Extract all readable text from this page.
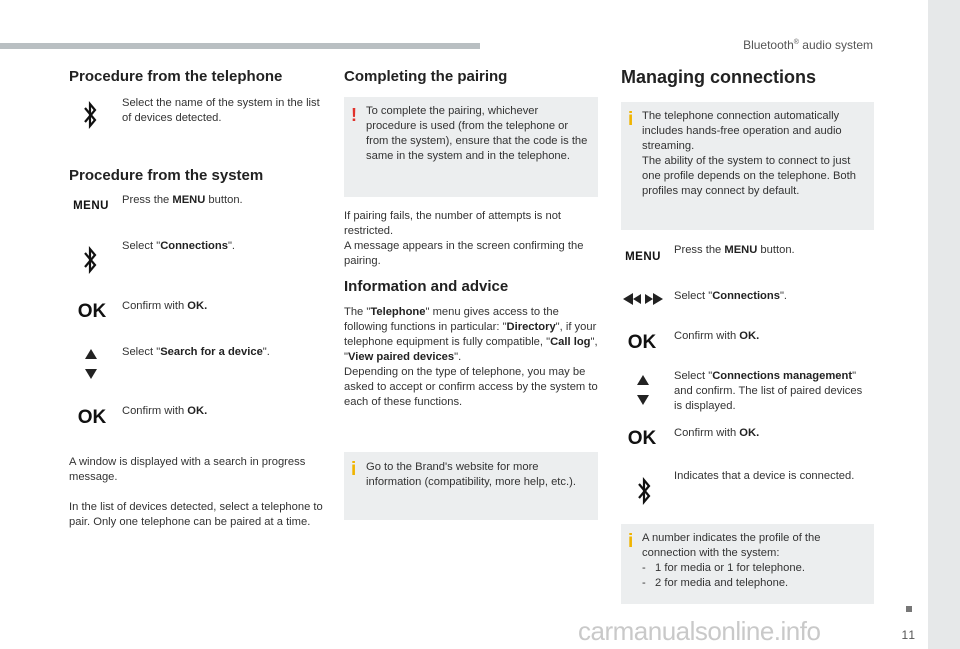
Bluetooth® audio system
11
carmanualsonline.info
Procedure from the telephone
Select the name of the system in the list of devices detected.
Procedure from the system
MENU	Press the MENU button.
Select "Connections".
OK Confirm with OK.
Select "Search for a device".
OK Confirm with OK.
A window is displayed with a search in progress message.
In the list of devices detected, select a telephone to pair. Only one telephone can be paired at a time.
Completing the pairing
! To complete the pairing, whichever procedure is used (from the telephone or from the system), ensure that the code is the same in the system and in the telephone.
If pairing fails, the number of attempts is not restricted.
A message appears in the screen confirming the pairing.
Information and advice
The "Telephone" menu gives access to the following functions in particular: "Directory", if your telephone equipment is fully compatible, "Call log", "View paired devices".
Depending on the type of telephone, you may be asked to accept or confirm access by the system to each of these functions.
i Go to the Brand's website for more information (compatibility, more help, etc.).
Managing connections
i The telephone connection automatically includes hands-free operation and audio streaming.
The ability of the system to connect to just one profile depends on the telephone. Both profiles may connect by default.
MENU
Press the MENU button.
Select "Connections".
OK Confirm with OK.
Select "Connections management" and confirm. The list of paired devices is displayed.
OK Confirm with OK.
Indicates that a device is connected.
i A number indicates the profile of the connection with the system:
-   1 for media or 1 for telephone.
-   2 for media and telephone.
